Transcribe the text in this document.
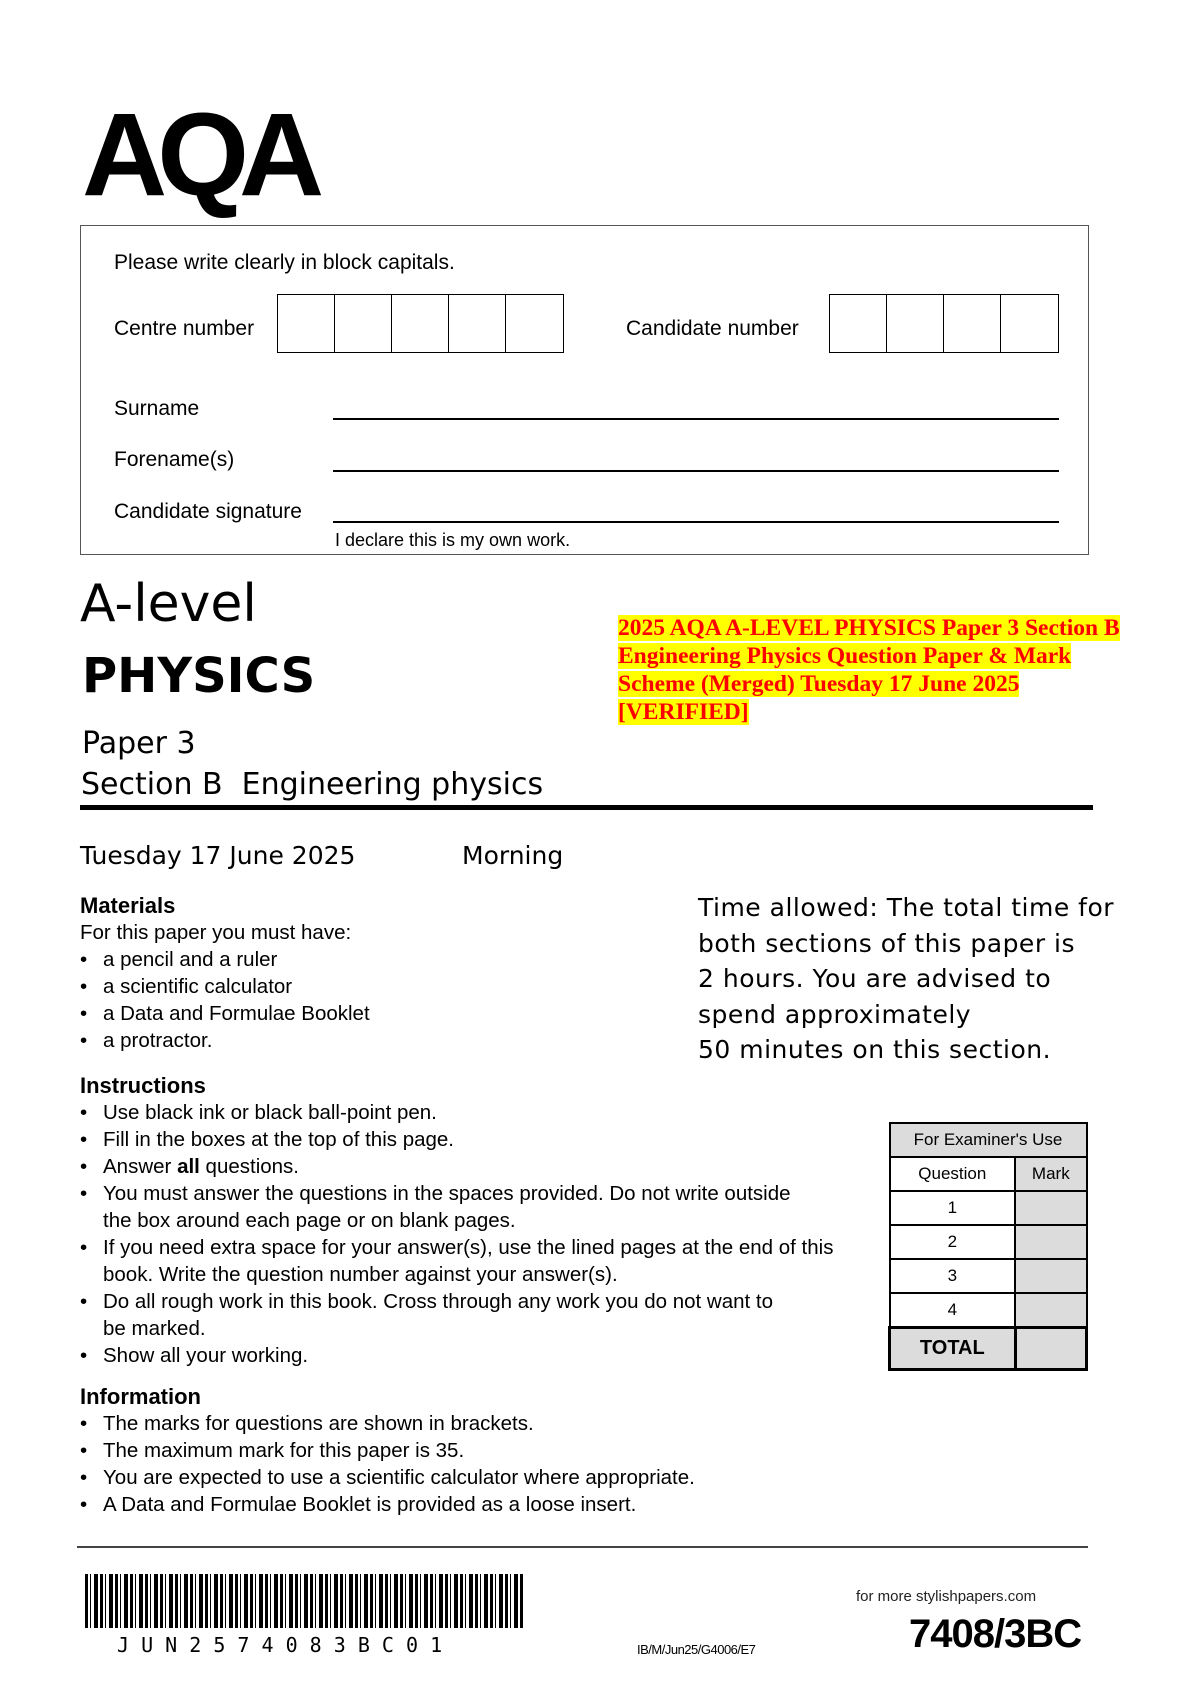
AQA
Please write clearly in block capitals.
Centre number	Candidate number
Surname
Forename(s)
Candidate signature
I declare this is my own work.
A-level
PHYSICS
Paper 3
Section B  Engineering physics
2025 AQA A-LEVEL PHYSICS Paper 3 Section B
Engineering Physics Question Paper & Mark
Scheme (Merged) Tuesday 17 June 2025
[VERIFIED]
Tuesday 17 June 2025	Morning
Materials
For this paper you must have:
• a pencil and a ruler
• a scientific calculator
• a Data and Formulae Booklet
• a protractor.
Time allowed: The total time for
both sections of this paper is
2 hours. You are advised to
spend approximately
50 minutes on this section.
Instructions
• Use black ink or black ball-point pen.
• Fill in the boxes at the top of this page.
• Answer all questions.
• You must answer the questions in the spaces provided. Do not write outside the box around each page or on blank pages.
• If you need extra space for your answer(s), use the lined pages at the end of this book. Write the question number against your answer(s).
• Do all rough work in this book. Cross through any work you do not want to be marked.
• Show all your working.
Information
• The marks for questions are shown in brackets.
• The maximum mark for this paper is 35.
• You are expected to use a scientific calculator where appropriate.
• A Data and Formulae Booklet is provided as a loose insert.
For Examiner's Use	
Question	Mark
1	
2	
3	
4	
TOTAL	
J U N 2 5 7 4 0 8 3 B C 0 1	IB/M/Jun25/G4006/E7
for more stylishpapers.com
7408/3BC
